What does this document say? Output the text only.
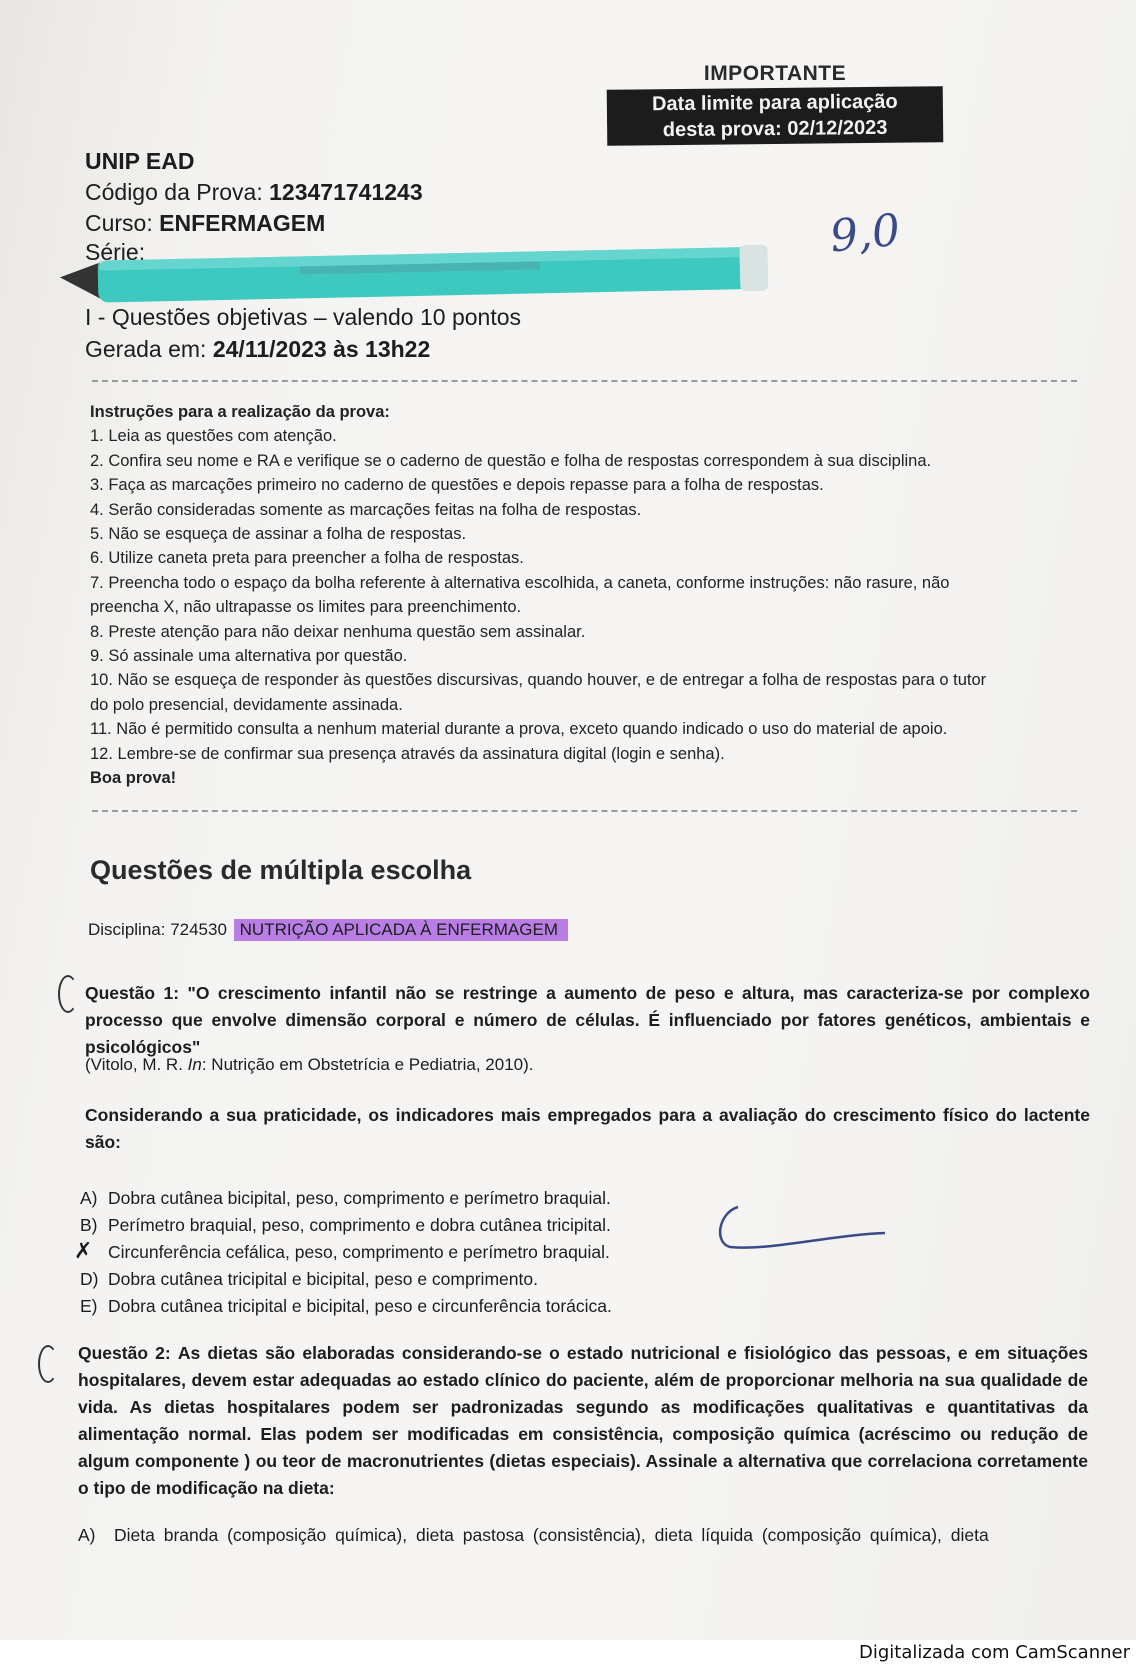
IMPORTANTE
Data limite para aplicação
desta prova: 02/12/2023
UNIP EAD
Código da Prova: 123471741243
Curso: ENFERMAGEM
Série:	9,0
I - Questões objetivas – valendo 10 pontos
Gerada em: 24/11/2023 às 13h22
Instruções para a realização da prova:
1. Leia as questões com atenção.
2. Confira seu nome e RA e verifique se o caderno de questão e folha de respostas correspondem à sua disciplina.
3. Faça as marcações primeiro no caderno de questões e depois repasse para a folha de respostas.
4. Serão consideradas somente as marcações feitas na folha de respostas.
5. Não se esqueça de assinar a folha de respostas.
6. Utilize caneta preta para preencher a folha de respostas.
7. Preencha todo o espaço da bolha referente à alternativa escolhida, a caneta, conforme instruções: não rasure, não
preencha X, não ultrapasse os limites para preenchimento.
8. Preste atenção para não deixar nenhuma questão sem assinalar.
9. Só assinale uma alternativa por questão.
10. Não se esqueça de responder às questões discursivas, quando houver, e de entregar a folha de respostas para o tutor
do polo presencial, devidamente assinada.
11. Não é permitido consulta a nenhum material durante a prova, exceto quando indicado o uso do material de apoio.
12. Lembre-se de confirmar sua presença através da assinatura digital (login e senha).
Boa prova!
Questões de múltipla escolha
Disciplina: 724530 NUTRIÇÃO APLICADA À ENFERMAGEM
Questão 1: "O crescimento infantil não se restringe a aumento de peso e altura, mas caracteriza-se por complexo processo que envolve dimensão corporal e número de células. É influenciado por fatores genéticos, ambientais e psicológicos"
(Vitolo, M. R. In: Nutrição em Obstetrícia e Pediatria, 2010).
Considerando a sua praticidade, os indicadores mais empregados para a avaliação do crescimento físico do lactente são:
A) Dobra cutânea bicipital, peso, comprimento e perímetro braquial.
B) Perímetro braquial, peso, comprimento e dobra cutânea tricipital.
Circunferência cefálica, peso, comprimento e perímetro braquial.
D) Dobra cutânea tricipital e bicipital, peso e comprimento.
E) Dobra cutânea tricipital e bicipital, peso e circunferência torácica.
✗
Questão 2: As dietas são elaboradas considerando-se o estado nutricional e fisiológico das pessoas, e em situações hospitalares, devem estar adequadas ao estado clínico do paciente, além de proporcionar melhoria na sua qualidade de vida. As dietas hospitalares podem ser padronizadas segundo as modificações qualitativas e quantitativas da alimentação normal. Elas podem ser modificadas em consistência, composição química (acréscimo ou redução de algum componente ) ou teor de macronutrientes (dietas especiais). Assinale a alternativa que correlaciona corretamente o tipo de modificação na dieta:
A) Dieta branda (composição química), dieta pastosa (consistência), dieta líquida (composição química), dieta
Digitalizada com CamScanner
